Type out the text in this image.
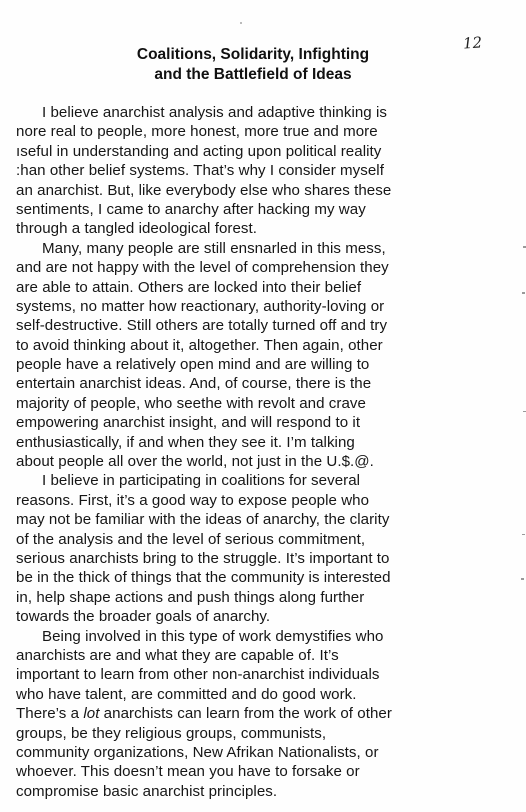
12
Coalitions, Solidarity, Infighting
and the Battlefield of Ideas
I believe anarchist analysis and adaptive thinking is
nore real to people, more honest, more true and more
ıseful in understanding and acting upon political reality
:han other belief systems. That’s why I consider myself
an anarchist. But, like everybody else who shares these
sentiments, I came to anarchy after hacking my way
through a tangled ideological forest.
Many, many people are still ensnarled in this mess,
and are not happy with the level of comprehension they
are able to attain. Others are locked into their belief
systems, no matter how reactionary, authority-loving or
self-destructive. Still others are totally turned off and try
to avoid thinking about it, altogether. Then again, other
people have a relatively open mind and are willing to
entertain anarchist ideas. And, of course, there is the
majority of people, who seethe with revolt and crave
empowering anarchist insight, and will respond to it
enthusiastically, if and when they see it. I’m talking
about people all over the world, not just in the U.$.@.
I believe in participating in coalitions for several
reasons. First, it’s a good way to expose people who
may not be familiar with the ideas of anarchy, the clarity
of the analysis and the level of serious commitment,
serious anarchists bring to the struggle. It’s important to
be in the thick of things that the community is interested
in, help shape actions and push things along further
towards the broader goals of anarchy.
Being involved in this type of work demystifies who
anarchists are and what they are capable of. It’s
important to learn from other non-anarchist individuals
who have talent, are committed and do good work.
There’s a lot anarchists can learn from the work of other
groups, be they religious groups, communists,
community organizations, New Afrikan Nationalists, or
whoever. This doesn’t mean you have to forsake or
compromise basic anarchist principles.
